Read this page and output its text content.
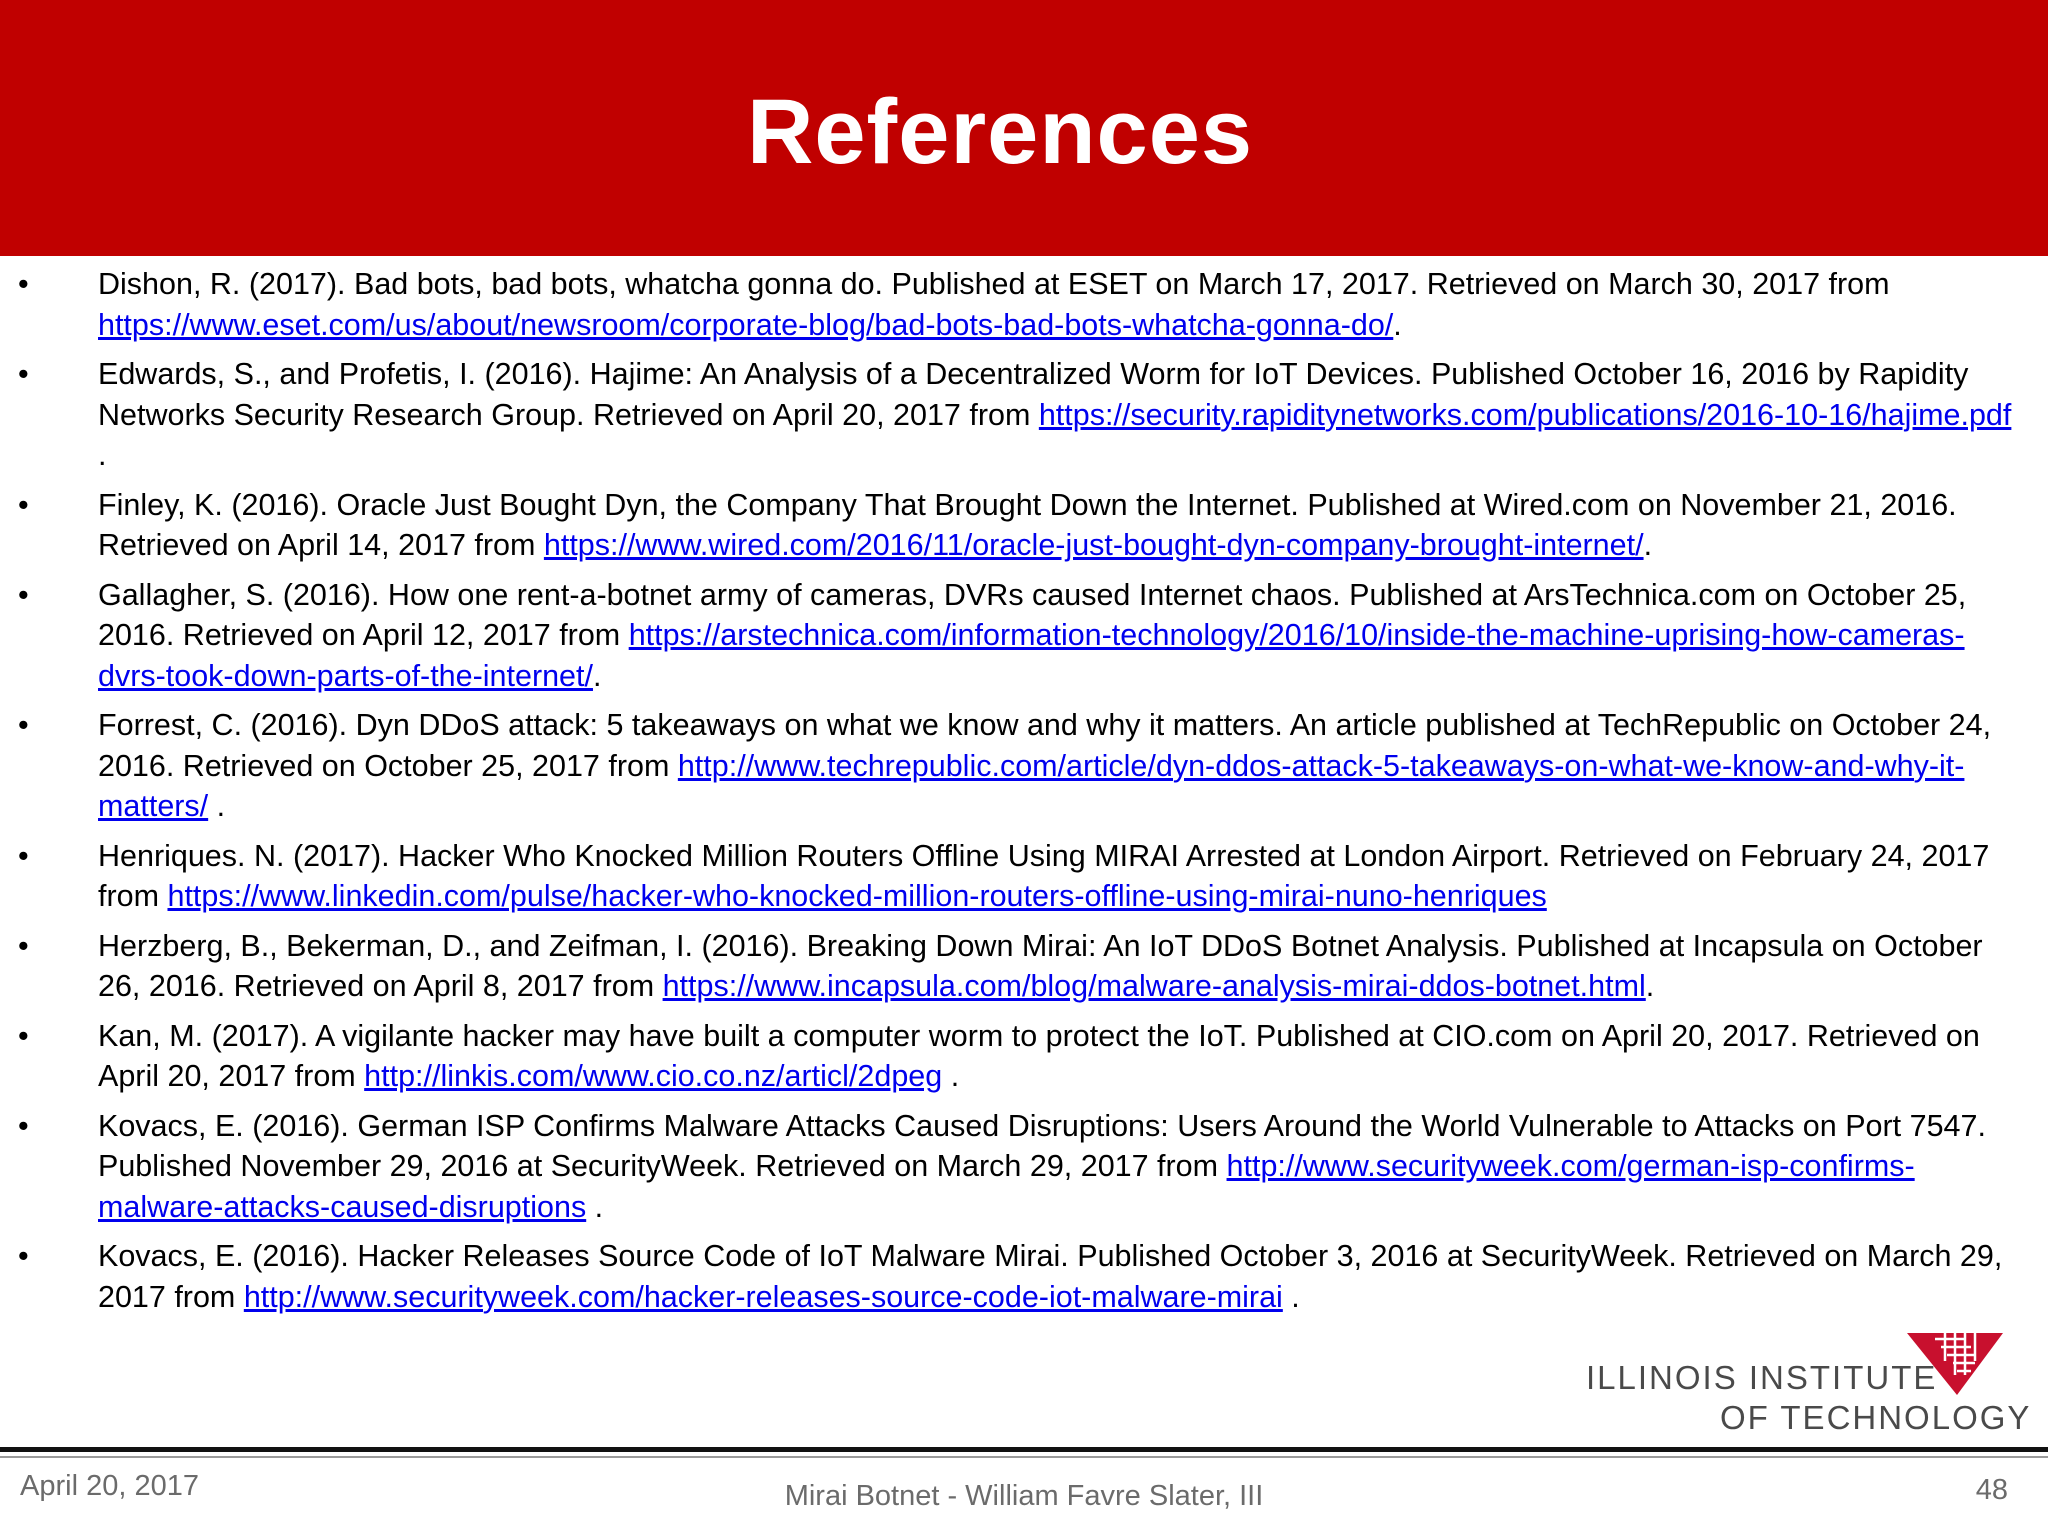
References
• Dishon, R. (2017). Bad bots, bad bots, whatcha gonna do. Published at ESET on March 17, 2017. Retrieved on March 30, 2017 from https://www.eset.com/us/about/newsroom/corporate-blog/bad-bots-bad-bots-whatcha-gonna-do/.
• Edwards, S., and Profetis, I. (2016). Hajime: An Analysis of a Decentralized Worm for IoT Devices. Published October 16, 2016 by Rapidity Networks Security Research Group. Retrieved on April 20, 2017 from https://security.rapiditynetworks.com/publications/2016-10-16/hajime.pdf .
• Finley, K. (2016). Oracle Just Bought Dyn, the Company That Brought Down the Internet. Published at Wired.com on November 21, 2016. Retrieved on April 14, 2017 from https://www.wired.com/2016/11/oracle-just-bought-dyn-company-brought-internet/.
• Gallagher, S. (2016). How one rent-a-botnet army of cameras, DVRs caused Internet chaos. Published at ArsTechnica.com on October 25, 2016. Retrieved on April 12, 2017 from https://arstechnica.com/information-technology/2016/10/inside-the-machine-uprising-how-cameras-dvrs-took-down-parts-of-the-internet/.
• Forrest, C. (2016). Dyn DDoS attack: 5 takeaways on what we know and why it matters. An article published at TechRepublic on October 24, 2016. Retrieved on October 25, 2017 from http://www.techrepublic.com/article/dyn-ddos-attack-5-takeaways-on-what-we-know-and-why-it-matters/ .
• Henriques. N. (2017). Hacker Who Knocked Million Routers Offline Using MIRAI Arrested at London Airport. Retrieved on February 24, 2017 from https://www.linkedin.com/pulse/hacker-who-knocked-million-routers-offline-using-mirai-nuno-henriques
• Herzberg, B., Bekerman, D., and Zeifman, I. (2016). Breaking Down Mirai: An IoT DDoS Botnet Analysis. Published at Incapsula on October 26, 2016. Retrieved on April 8, 2017 from https://www.incapsula.com/blog/malware-analysis-mirai-ddos-botnet.html.
• Kan, M. (2017). A vigilante hacker may have built a computer worm to protect the IoT. Published at CIO.com on April 20, 2017. Retrieved on April 20, 2017 from http://linkis.com/www.cio.co.nz/articl/2dpeg .
• Kovacs, E. (2016). German ISP Confirms Malware Attacks Caused Disruptions: Users Around the World Vulnerable to Attacks on Port 7547. Published November 29, 2016 at SecurityWeek. Retrieved on March 29, 2017 from http://www.securityweek.com/german-isp-confirms-malware-attacks-caused-disruptions .
• Kovacs, E. (2016). Hacker Releases Source Code of IoT Malware Mirai. Published October 3, 2016 at SecurityWeek. Retrieved on March 29, 2017 from http://www.securityweek.com/hacker-releases-source-code-iot-malware-mirai .
ILLINOIS INSTITUTE
OF TECHNOLOGY
April 20, 2017	Mirai Botnet - William Favre Slater, III	48
